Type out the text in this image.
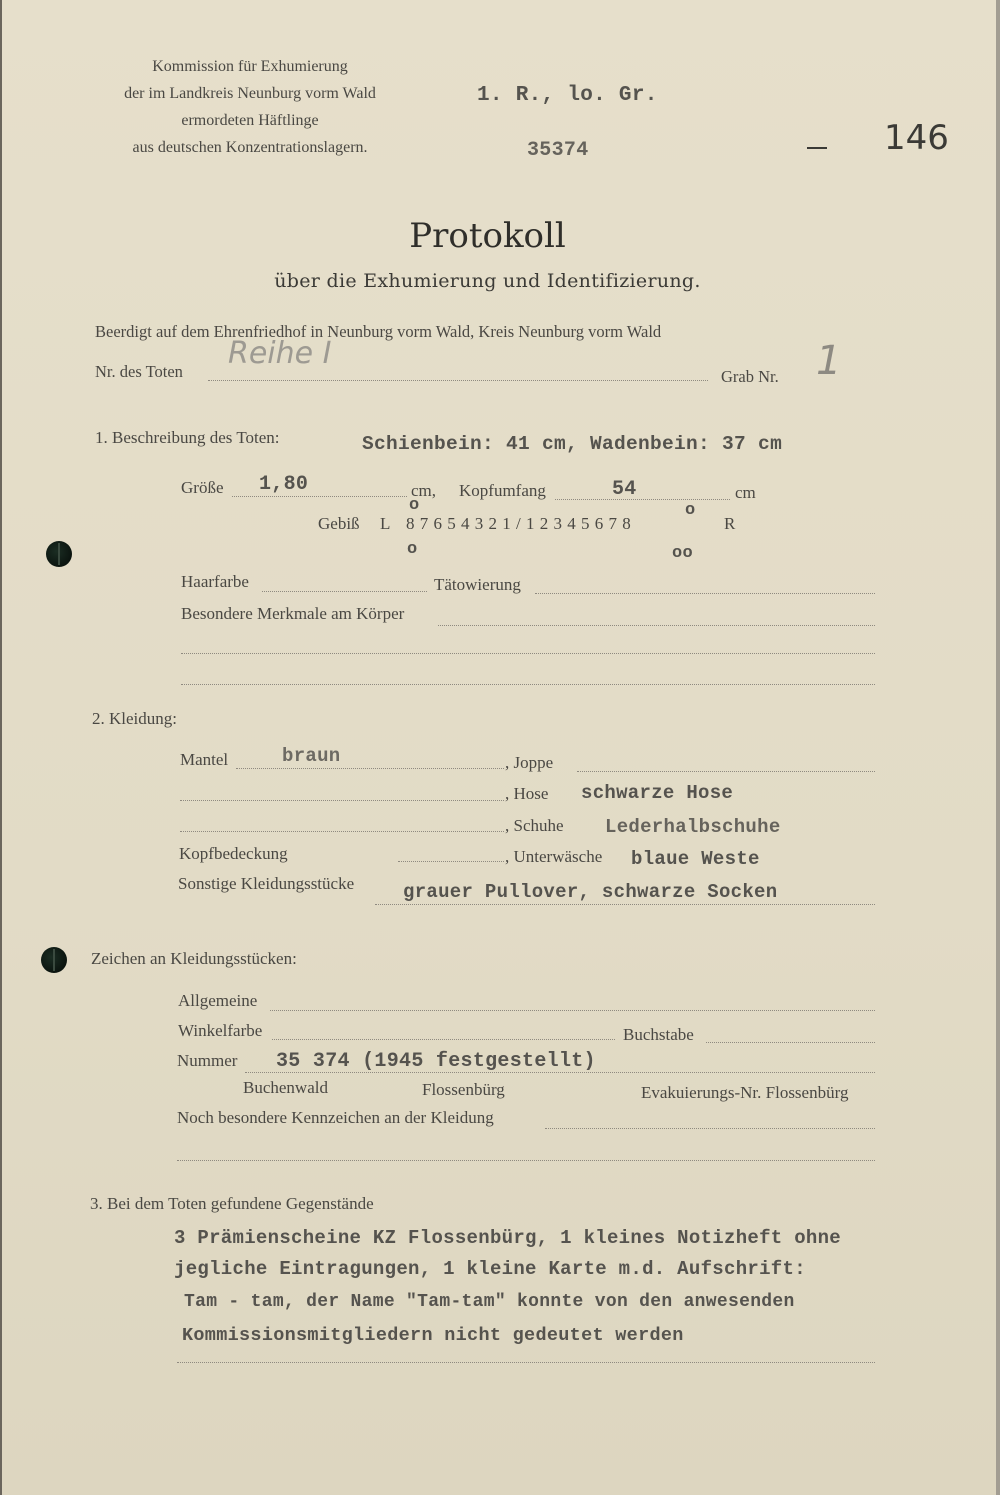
Kommission für Exhumierung
der im Landkreis Neunburg vorm Wald
ermordeten Häftlinge
aus deutschen Konzentrationslagern.
1. R., lo. Gr.
35374	146
Protokoll
über die Exhumierung und Identifizierung.
Beerdigt auf dem Ehrenfriedhof in Neunburg vorm Wald, Kreis Neunburg vorm Wald
Nr. des Toten
Reihe I
Grab Nr. 1
1. Beschreibung des Toten:	Schienbein: 41 cm, Wadenbein: 37 cm
Größe 1,80	cm, Kopfumfang	54	cm
Gebiß L 8 7 6 5 4 3 2 1 / 1 2 3 4 5 6 7 8	R
o	o
o	oo
Haarfarbe	Tätowierung
Besondere Merkmale am Körper
2. Kleidung:
Mantel	braun	, Joppe
, Hose schwarze Hose
, Schuhe Lederhalbschuhe
Kopfbedeckung	, Unterwäsche blaue Weste
Sonstige Kleidungsstücke	grauer Pullover, schwarze Socken
Zeichen an Kleidungsstücken:
Allgemeine
Winkelfarbe	Buchstabe
Nummer 35 374 (1945 festgestellt)
Buchenwald	Flossenbürg	Evakuierungs-Nr. Flossenbürg
Noch besondere Kennzeichen an der Kleidung
3. Bei dem Toten gefundene Gegenstände
3 Prämienscheine KZ Flossenbürg, 1 kleines Notizheft ohne
jegliche Eintragungen, 1 kleine Karte m.d. Aufschrift:
Tam - tam, der Name "Tam-tam" konnte von den anwesenden
Kommissionsmitgliedern nicht gedeutet werden
